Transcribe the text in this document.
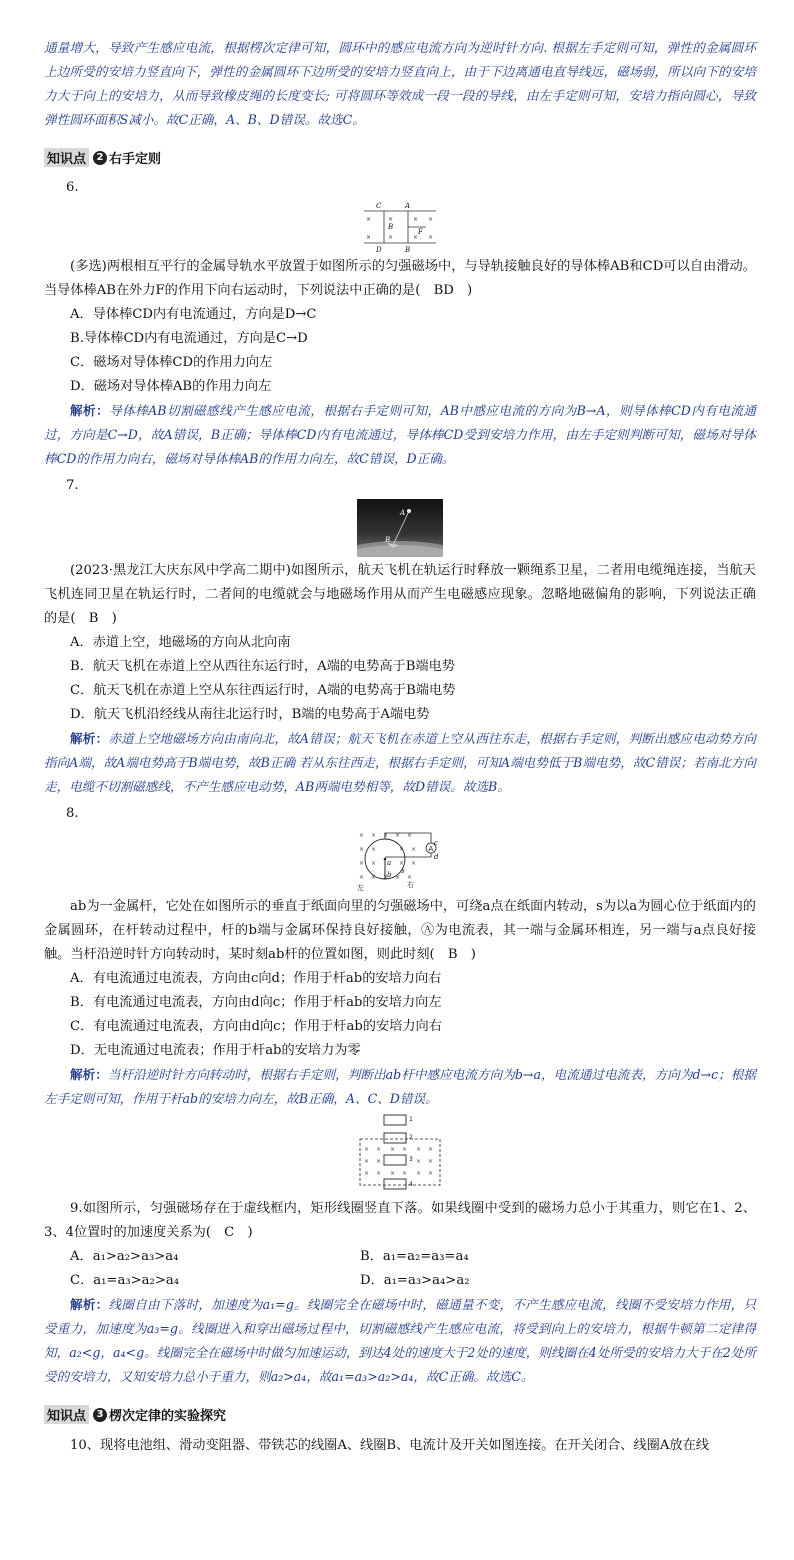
通量增大，导致产生感应电流，根据楞次定律可知，圆环中的感应电流方向为逆时针方向. 根据左手定则可知，弹性的金属圆环上边所受的安培力竖直向下，弹性的金属圆环下边所受的安培力竖直向上，由于下边离通电直导线远，磁场弱，所以向下的安培力大于向上的安培力，从而导致橡皮绳的长度变长; 可将圆环等效成一段一段的导线，由左手定则可知，安培力指向圆心，导致弹性圆环面积S减小。故C正确，A、B、D错误。故选C。

知识点	2 右手定则
6.
×	×	× ×
×	×	× ×
C	A
B
F
D	B

(多选)两根相互平行的金属导轨水平放置于如图所示的匀强磁场中，与导轨接触良好的导体棒AB和CD可以自由滑动。当导体棒AB在外力F的作用下向右运动时，下列说法中正确的是(　BD　)

A．导体棒CD内有电流通过，方向是D→C
B.导体棒CD内有电流通过，方向是C→D
C．磁场对导体棒CD的作用力向左
D．磁场对导体棒AB的作用力向左

解析：导体棒AB切割磁感线产生感应电流，根据右手定则可知，AB中感应电流的方向为B→A，则导体棒CD内有电流通过，方向是C→D，故A错误，B正确；导体棒CD内有电流通过，导体棒CD受到安培力作用，由左手定则判断可知，磁场对导体棒CD的作用力向右，磁场对导体棒AB的作用力向左，故C错误，D正确。

7.
A
B

(2023·黑龙江大庆东风中学高二期中)如图所示，航天飞机在轨运行时释放一颗绳系卫星，二者用电缆绳连接，当航天飞机连同卫星在轨运行时，二者间的电缆就会与地磁场作用从而产生电磁感应现象。忽略地磁偏角的影响，下列说法正确的是(　B　)

A．赤道上空，地磁场的方向从北向南
B．航天飞机在赤道上空从西往东运行时，A端的电势高于B端电势
C．航天飞机在赤道上空从东往西运行时，A端的电势高于B端电势
D．航天飞机沿经线从南往北运行时，B端的电势高于A端电势

解析：赤道上空地磁场方向由南向北，故A错误；航天飞机在赤道上空从西往东走，根据右手定则，判断出感应电动势方向指向A端，故A端电势高于B端电势，故B正确 若从东往西走，根据右手定则，可知A端电势低于B端电势，故C错误；若南北方向走，电缆不切割磁感线，不产生感应电动势，AB两端电势相等，故D错误。故选B。

8.
× × × × ×
× ×	× ×
× ×	× ×
× × × × ×
A
c
d
a
b s
左	右

ab为一金属杆，它处在如图所示的垂直于纸面向里的匀强磁场中，可绕a点在纸面内转动，s为以a为圆心位于纸面内的金属圆环，在杆转动过程中，杆的b端与金属环保持良好接触，Ⓐ为电流表，其一端与金属环相连，另一端与a点良好接触。当杆沿逆时针方向转动时，某时刻ab杆的位置如图，则此时刻(　B　)

A．有电流通过电流表，方向由c向d；作用于杆ab的安培力向右
B．有电流通过电流表，方向由d向c；作用于杆ab的安培力向左
C．有电流通过电流表，方向由d向c；作用于杆ab的安培力向右
D．无电流通过电流表；作用于杆ab的安培力为零

解析：当杆沿逆时针方向转动时，根据右手定则，判断出ab杆中感应电流方向为b→a，电流通过电流表，方向为d→c；根据左手定则可知，作用于杆ab的安培力向左，故B正确，A、C、D错误。

× × × × × ×
× ×	× ×
× × × × × ×
1
2
3
4

9.如图所示，匀强磁场存在于虚线框内，矩形线圈竖直下落。如果线圈中受到的磁场力总小于其重力，则它在1、2、3、4位置时的加速度关系为(　C　)

A．a₁>a₂>a₃>a₄	B．a₁=a₂=a₃=a₄
C．a₁=a₃>a₂>a₄	D．a₁=a₃>a₄>a₂

解析：线圈自由下落时，加速度为a₁=g。线圈完全在磁场中时，磁通量不变，不产生感应电流，线圈不受安培力作用，只受重力，加速度为a₃=g。线圈进入和穿出磁场过程中，切割磁感线产生感应电流，将受到向上的安培力，根据牛顿第二定律得知，a₂<g，a₄<g。线圈完全在磁场中时做匀加速运动，到达4处的速度大于2处的速度，则线圈在4处所受的安培力大于在2处所受的安培力，又知安培力总小于重力，则a₂>a₄，故a₁=a₃>a₂>a₄，故C正确。故选C。

知识点	3 楞次定律的实验探究

10、现将电池组、滑动变阻器、带铁芯的线圈A、线圈B、电流计及开关如图连接。在开关闭合、线圈A放在线
